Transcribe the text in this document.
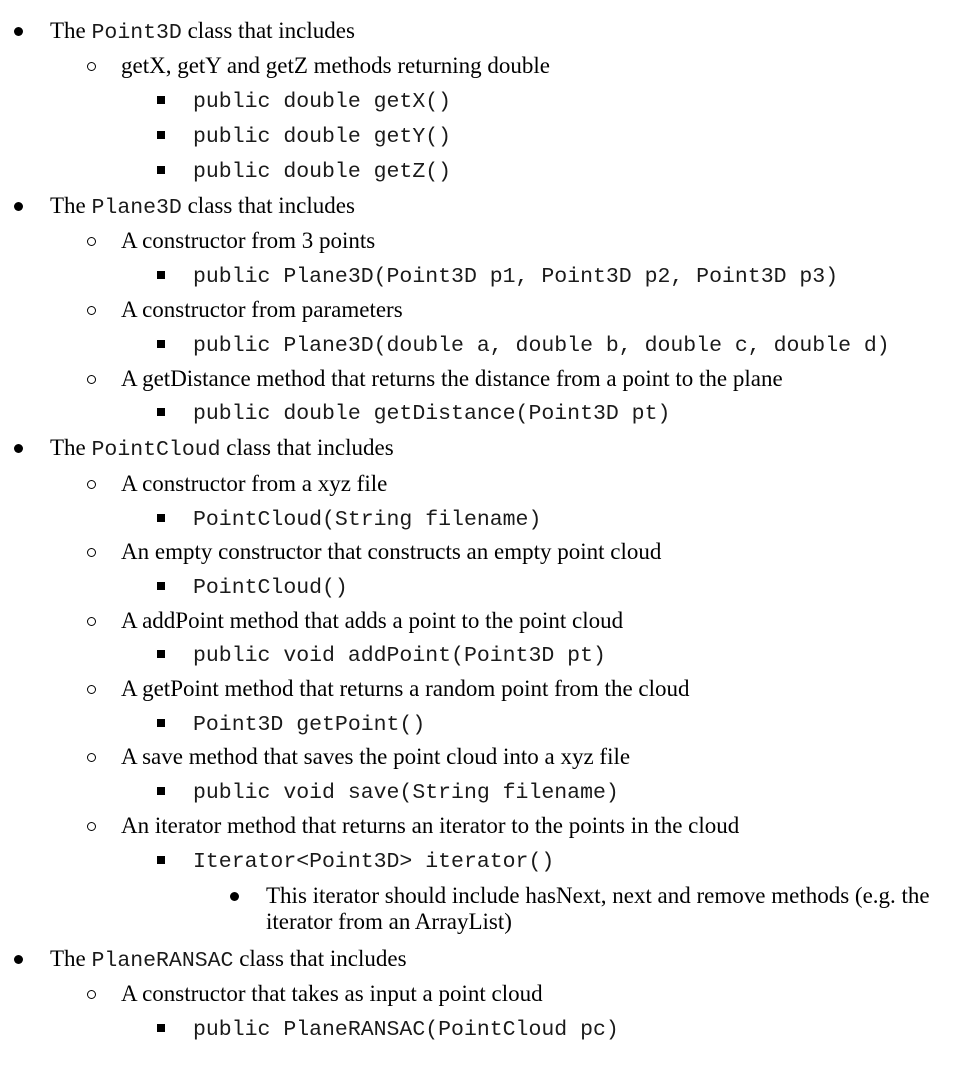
The Point3D class that includes
getX, getY and getZ methods returning double
public double getX()
public double getY()
public double getZ()
The Plane3D class that includes
A constructor from 3 points
public Plane3D(Point3D p1, Point3D p2, Point3D p3)
A constructor from parameters
public Plane3D(double a, double b, double c, double d)
A getDistance method that returns the distance from a point to the plane
public double getDistance(Point3D pt)
The PointCloud class that includes
A constructor from a xyz file
PointCloud(String filename)
An empty constructor that constructs an empty point cloud
PointCloud()
A addPoint method that adds a point to the point cloud
public void addPoint(Point3D pt)
A getPoint method that returns a random point from the cloud
Point3D getPoint()
A save method that saves the point cloud into a xyz file
public void save(String filename)
An iterator method that returns an iterator to the points in the cloud
Iterator<Point3D> iterator()
This iterator should include hasNext, next and remove methods (e.g. the iterator from an ArrayList)
The PlaneRANSAC class that includes
A constructor that takes as input a point cloud
public PlaneRANSAC(PointCloud pc)
